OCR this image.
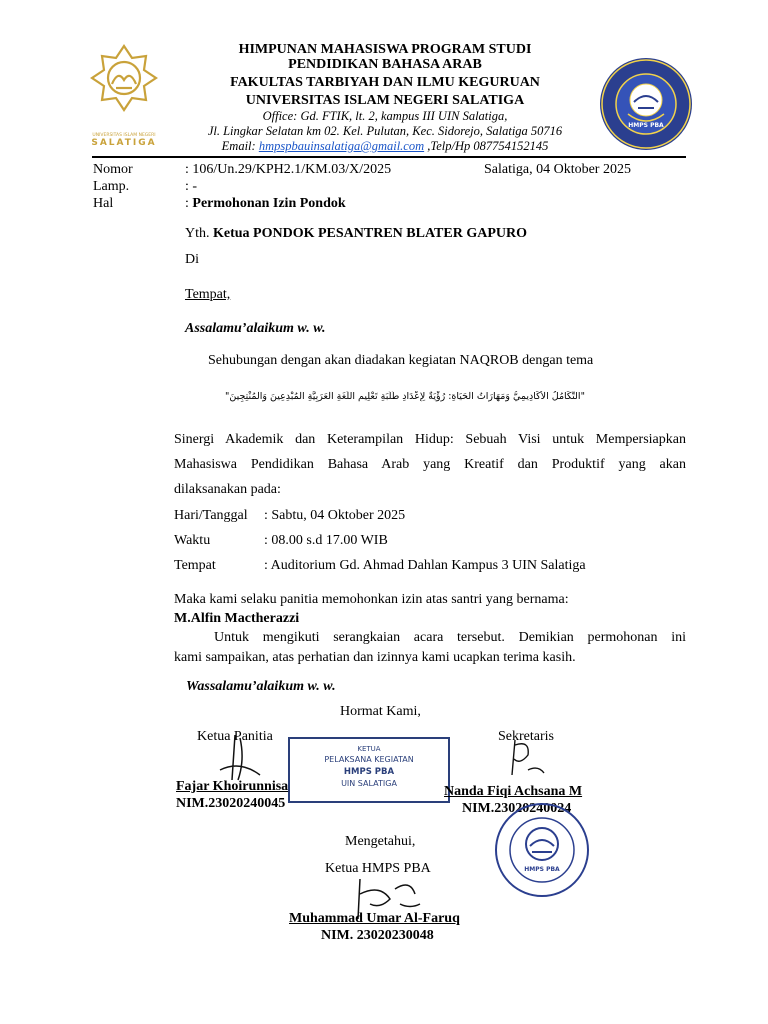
UNIVERSITAS ISLAM NEGERI
SALATIGA
HMPS PBA
HIMPUNAN MAHASISWA PROGRAM STUDI
PENDIDIKAN BAHASA ARAB
FAKULTAS TARBIYAH DAN ILMU KEGURUAN
UNIVERSITAS ISLAM NEGERI SALATIGA
Office: Gd. FTIK, lt. 2, kampus III UIN Salatiga,
Jl. Lingkar Selatan km 02. Kel. Pulutan, Kec. Sidorejo, Salatiga 50716
Email: hmpspbauinsalatiga@gmail.com ,Telp/Hp 087754152145
Nomor	: 106/Un.29/KPH2.1/KM.03/X/2025	Salatiga, 04 Oktober 2025
Lamp.	: -
Hal	: Permohonan Izin Pondok
Yth. Ketua PONDOK PESANTREN BLATER GAPURO
Di
Tempat,
Assalamu’alaikum w. w.
Sehubungan dengan akan diadakan kegiatan NAQROB dengan tema
"التَّكَامُلُ الْأَكَادِيمِيُّ وَمَهَارَاتُ الْحَيَاةِ: رُؤْيَةٌ لِإِعْدَادِ طَلَبَةِ تَعْلِيمِ اللُّغَةِ الْعَرَبِيَّةِ الْمُبْدِعِينَ وَالْمُنْتِجِينَ"
Sinergi Akademik dan Keterampilan Hidup: Sebuah Visi untuk Mempersiapkan
Mahasiswa Pendidikan Bahasa Arab yang Kreatif dan Produktif yang akan
dilaksanakan pada:
Hari/Tanggal : Sabtu, 04 Oktober 2025
Waktu	: 08.00 s.d 17.00 WIB
Tempat	: Auditorium Gd. Ahmad Dahlan Kampus 3 UIN Salatiga
Maka kami selaku panitia memohonkan izin atas santri yang bernama:
M.Alfin Mactherazzi
Untuk mengikuti serangkaian acara tersebut. Demikian permohonan ini
kami sampaikan, atas perhatian dan izinnya kami ucapkan terima kasih.
Wassalamu’alaikum w. w.
Hormat Kami,
Ketua Panitia	Sekretaris
KETUA
PELAKSANA KEGIATAN
HMPS PBA
UIN SALATIGA
Fajar Khoirunnisa
NIM.23020240045
Nanda Fiqi Achsana M
NIM.23020240024
Mengetahui,
Ketua HMPS PBA	HMPS PBA
Muhammad Umar Al-Faruq
NIM. 23020230048
